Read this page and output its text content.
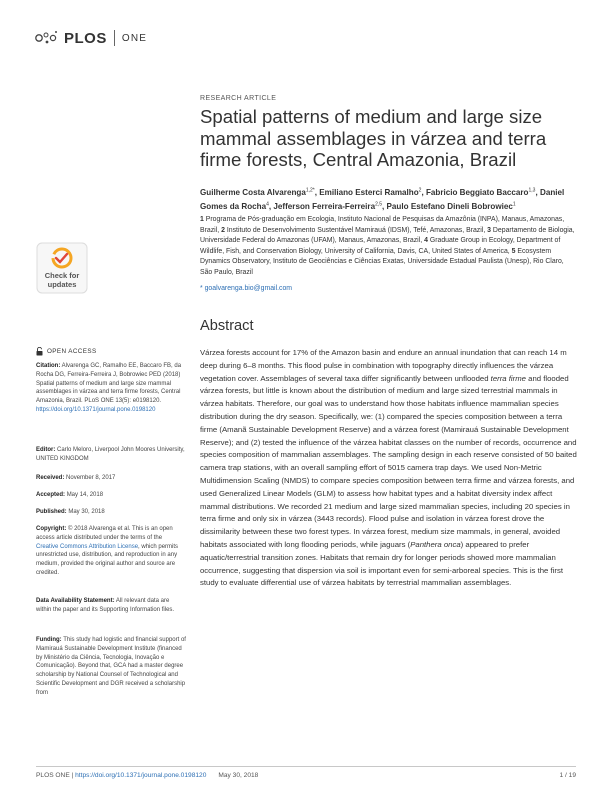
PLOS ONE
RESEARCH ARTICLE
Spatial patterns of medium and large size mammal assemblages in várzea and terra firme forests, Central Amazonia, Brazil
Guilherme Costa Alvarenga$^{1,2*}$, Emiliano Esterci Ramalho$^2$, Fabricio Beggiato Baccaro$^{1,3}$, Daniel Gomes da Rocha$^4$, Jefferson Ferreira-Ferreira$^{2,5}$, Paulo Estefano Dineli Bobrowiec$^1$
1 Programa de Pós-graduação em Ecologia, Instituto Nacional de Pesquisas da Amazônia (INPA), Manaus, Amazonas, Brazil, 2 Instituto de Desenvolvimento Sustentável Mamirauá (IDSM), Tefé, Amazonas, Brazil, 3 Departamento de Biologia, Universidade Federal do Amazonas (UFAM), Manaus, Amazonas, Brazil, 4 Graduate Group in Ecology, Department of Wildlife, Fish, and Conservation Biology, University of California, Davis, CA, United States of America, 5 Ecosystem Dynamics Observatory, Instituto de Geociências e Ciências Exatas, Universidade Estadual Paulista (Unesp), Rio Claro, São Paulo, Brazil
* goalvarenga.bio@gmail.com
Abstract
Várzea forests account for 17% of the Amazon basin and endure an annual inundation that can reach 14 m deep during 6–8 months. This flood pulse in combination with topography directly influences the várzea vegetation cover. Assemblages of several taxa differ significantly between unflooded terra firme and flooded várzea forests, but little is known about the distribution of medium and large sized terrestrial mammals in várzea habitats. Therefore, our goal was to understand how those habitats influence mammalian species distribution during the dry season. Specifically, we: (1) compared the species composition between a terra firme (Amanã Sustainable Development Reserve) and a várzea forest (Mamirauá Sustainable Development Reserve); and (2) tested the influence of the várzea habitat classes on the number of records, occurrence and species composition of mammalian assemblages. The sampling design in each reserve consisted of 50 baited camera trap stations, with an overall sampling effort of 5015 camera trap days. We used Non-Metric Multidimension Scaling (NMDS) to compare species composition between terra firme and várzea forests, and used Generalized Linear Models (GLM) to assess how habitat types and a habitat diversity index affect mammal distributions. We recorded 21 medium and large sized mammalian species, including 20 species in terra firme and only six in várzea (3443 records). Flood pulse and isolation in várzea forest drove the dissimilarity between these two forest types. In várzea forest, medium size mammals, in general, avoided habitats associated with long flooding periods, while jaguars (Panthera onca) appeared to prefer aquatic/terrestrial transition zones. Habitats that remain dry for longer periods showed more mammalian occurrence, suggesting that dispersion via soil is important even for semi-arboreal species. This is the first study to evaluate differential use of várzea habitats by terrestrial mammalian assemblages.
Check for
updates
OPEN ACCESS
Citation: Alvarenga GC, Ramalho EE, Baccaro FB, da Rocha DG, Ferreira-Ferreira J, Bobrowiec PED (2018) Spatial patterns of medium and large size mammal assemblages in várzea and terra firme forests, Central Amazonia, Brazil. PLoS ONE 13(5): e0198120. https://doi.org/10.1371/journal.pone.0198120
Editor: Carlo Meloro, Liverpool John Moores University, UNITED KINGDOM
Received: November 8, 2017
Accepted: May 14, 2018
Published: May 30, 2018
Copyright: © 2018 Alvarenga et al. This is an open access article distributed under the terms of the Creative Commons Attribution License, which permits unrestricted use, distribution, and reproduction in any medium, provided the original author and source are credited.
Data Availability Statement: All relevant data are within the paper and its Supporting Information files.
Funding: This study had logistic and financial support of Mamirauá Sustainable Development Institute (financed by Ministério da Ciência, Tecnologia, Inovação e Comunicação). Beyond that, GCA had a master degree scholarship by National Counsel of Technological and Scientific Development and DGR received a scholarship from
PLOS ONE | https://doi.org/10.1371/journal.pone.0198120 May 30, 2018	1 / 19
